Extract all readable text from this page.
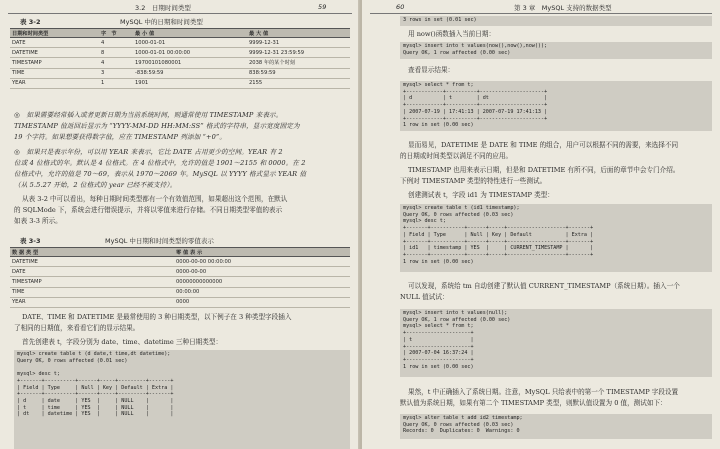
3.2　日期时间类型	59
表 3-2	MySQL 中的日期和时间类型
日期和时间类型	字　节	最 小 值	最 大 值
DATE	4	1000-01-01	9999-12-31
DATETIME	8	1000-01-01 00:00:00	9999-12-31 23:59:59
TIMESTAMP	4	19700101080001	2038 年的某个时刻
TIME	3	-838:59:59	838:59:59
YEAR	1	1901	2155
◎　如果需要经常插入或者更新日期为当前系统时间，则通常使用 TIMESTAMP 来表示。
TIMESTAMP 值返回后显示为 “YYYY-MM-DD HH:MM:SS” 格式的字符串，显示宽度固定为
19 个字符。如果想要获得数字值，应在 TIMESTAMP 列添加 “+0”。
◎　如果只是表示年份，可以用 YEAR 来表示，它比 DATE 占用更少的空间。YEAR 有 2
位或 4 位格式的年。默认是 4 位格式。在 4 位格式中，允许的值是 1901～2155 和 0000。在 2
位格式中，允许的值是 70～69，表示从 1970～2069 年。MySQL 以 YYYY 格式显示 YEAR 值
（从 5.5.27 开始，2 位格式的 year 已经不被支持）。
从表 3-2 中可以看出，每种日期时间类型都有一个有效值范围，如果超出这个范围，在默认
的 SQLMode 下，系统会进行错误提示，并将以零值来进行存储。不同日期类型零值的表示
如表 3-3 所示。
表 3-3	MySQL 中日期和时间类型的零值表示
数 据 类 型	零 值 表 示
DATETIME	0000-00-00 00:00:00
DATE	0000-00-00
TIMESTAMP	00000000000000
TIME	00:00:00
YEAR	0000
DATE、TIME 和 DATETIME 是最常使用的 3 种日期类型，以下例子在 3 种类型字段插入
了相同的日期值，来看看它们的显示结果。
首先创建表 t，字段分别为 date、time、datetime 三种日期类型：
mysql> create table t (d date,t time,dt datetime);
Query OK, 0 rows affected (0.01 sec)

mysql> desc t;
+-------+----------+------+-----+---------+-------+
| Field | Type     | Null | Key | Default | Extra |
+-------+----------+------+-----+---------+-------+
| d     | date     | YES  |     | NULL    |       |
| t     | time     | YES  |     | NULL    |       |
| dt    | datetime | YES  |     | NULL    |       |
60	第 3 章　MySQL 支持的数据类型
3 rows in set (0.01 sec)
用 now()函数插入当前日期：
mysql> insert into t values(now(),now(),now());
Query OK, 1 row affected (0.00 sec)
查看显示结果：
mysql> select * from t;
+------------+----------+---------------------+
| d          | t        | dt                  |
+------------+----------+---------------------+
| 2007-07-19 | 17:41:13 | 2007-07-19 17:41:13 |
+------------+----------+---------------------+
1 row in set (0.00 sec)
显而易见，DATETIME 是 DATE 和 TIME 的组合，用户可以根据不同的需要，来选择不同
的日期或时间类型以满足不同的应用。
TIMESTAMP 也用来表示日期，但是和 DATETIME 有所不同，后面的章节中会专门介绍。
下例对 TIMESTAMP 类型的特性进行一些测试。
创建测试表 t，字段 id1 为 TIMESTAMP 类型：
mysql> create table t (id1 timestamp);
Query OK, 0 rows affected (0.03 sec)
mysql> desc t;
+-------+-----------+------+-----+-------------------+-------+
| Field | Type      | Null | Key | Default           | Extra |
+-------+-----------+------+-----+-------------------+-------+
| id1   | timestamp | YES  |     | CURRENT_TIMESTAMP |       |
+-------+-----------+------+-----+-------------------+-------+
1 row in set (0.00 sec)
可以发现，系统给 tm 自动创建了默认值 CURRENT_TIMESTAMP（系统日期）。插入一个
NULL 值试试：
mysql> insert into t values(null);
Query OK, 1 row affected (0.00 sec)
mysql> select * from t;
+---------------------+
| t                   |
+---------------------+
| 2007-07-04 16:37:24 |
+---------------------+
1 row in set (0.00 sec)
果然，t 中正确插入了系统日期。注意，MySQL 只给表中的第一个 TIMESTAMP 字段设置
默认值为系统日期，如果有第二个 TIMESTAMP 类型，则默认值设置为 0 值，测试如下：
mysql> alter table t add id2 timestamp;
Query OK, 0 rows affected (0.03 sec)
Records: 0  Duplicates: 0  Warnings: 0
